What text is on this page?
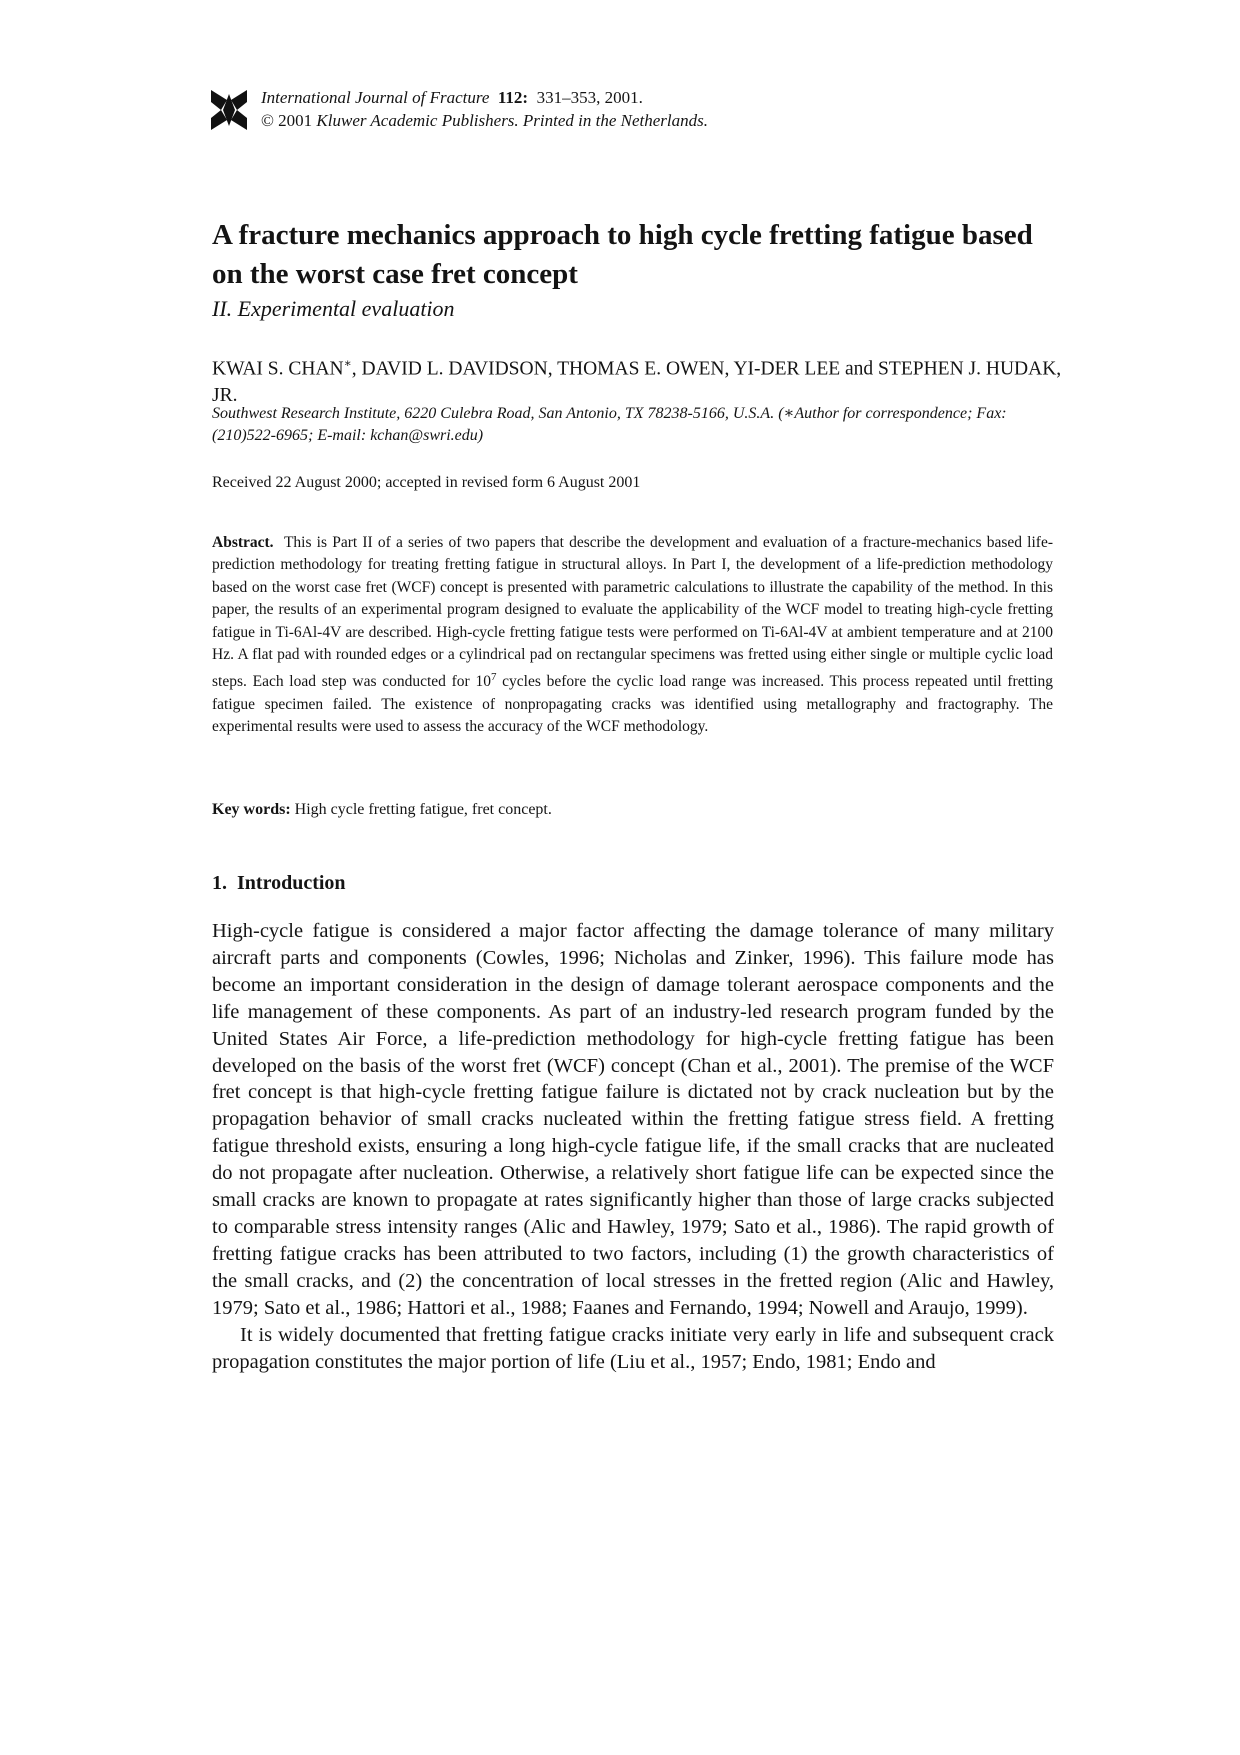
International Journal of Fracture 112: 331–353, 2001.
© 2001 Kluwer Academic Publishers. Printed in the Netherlands.
A fracture mechanics approach to high cycle fretting fatigue based on the worst case fret concept
II. Experimental evaluation
KWAI S. CHAN∗, DAVID L. DAVIDSON, THOMAS E. OWEN, YI-DER LEE and STEPHEN J. HUDAK, JR.
Southwest Research Institute, 6220 Culebra Road, San Antonio, TX 78238-5166, U.S.A. (∗Author for correspondence; Fax: (210)522-6965; E-mail: kchan@swri.edu)
Received 22 August 2000; accepted in revised form 6 August 2001

Abstract. This is Part II of a series of two papers that describe the development and evaluation of a fracture-mechanics based life-prediction methodology for treating fretting fatigue in structural alloys. In Part I, the development of a life-prediction methodology based on the worst case fret (WCF) concept is presented with parametric calculations to illustrate the capability of the method. In this paper, the results of an experimental program designed to evaluate the applicability of the WCF model to treating high-cycle fretting fatigue in Ti-6Al-4V are described. High-cycle fretting fatigue tests were performed on Ti-6Al-4V at ambient temperature and at 2100 Hz. A flat pad with rounded edges or a cylindrical pad on rectangular specimens was fretted using either single or multiple cyclic load steps. Each load step was conducted for $10^7$ cycles before the cyclic load range was increased. This process repeated until fretting fatigue specimen failed. The existence of nonpropagating cracks was identified using metallography and fractography. The experimental results were used to assess the accuracy of the WCF methodology.

Key words: High cycle fretting fatigue, fret concept.
1. Introduction

High-cycle fatigue is considered a major factor affecting the damage tolerance of many military aircraft parts and components (Cowles, 1996; Nicholas and Zinker, 1996). This failure mode has become an important consideration in the design of damage tolerant aerospace components and the life management of these components. As part of an industry-led research program funded by the United States Air Force, a life-prediction methodology for high-cycle fretting fatigue has been developed on the basis of the worst fret (WCF) concept (Chan et al., 2001). The premise of the WCF fret concept is that high-cycle fretting fatigue failure is dictated not by crack nucleation but by the propagation behavior of small cracks nucleated within the fretting fatigue stress field. A fretting fatigue threshold exists, ensuring a long high-cycle fatigue life, if the small cracks that are nucleated do not propagate after nucleation. Otherwise, a relatively short fatigue life can be expected since the small cracks are known to propagate at rates significantly higher than those of large cracks subjected to comparable stress intensity ranges (Alic and Hawley, 1979; Sato et al., 1986). The rapid growth of fretting fatigue cracks has been attributed to two factors, including (1) the growth characteristics of the small cracks, and (2) the concentration of local stresses in the fretted region (Alic and Hawley, 1979; Sato et al., 1986; Hattori et al., 1988; Faanes and Fernando, 1994; Nowell and Araujo, 1999).

It is widely documented that fretting fatigue cracks initiate very early in life and subsequent crack propagation constitutes the major portion of life (Liu et al., 1957; Endo, 1981; Endo and
